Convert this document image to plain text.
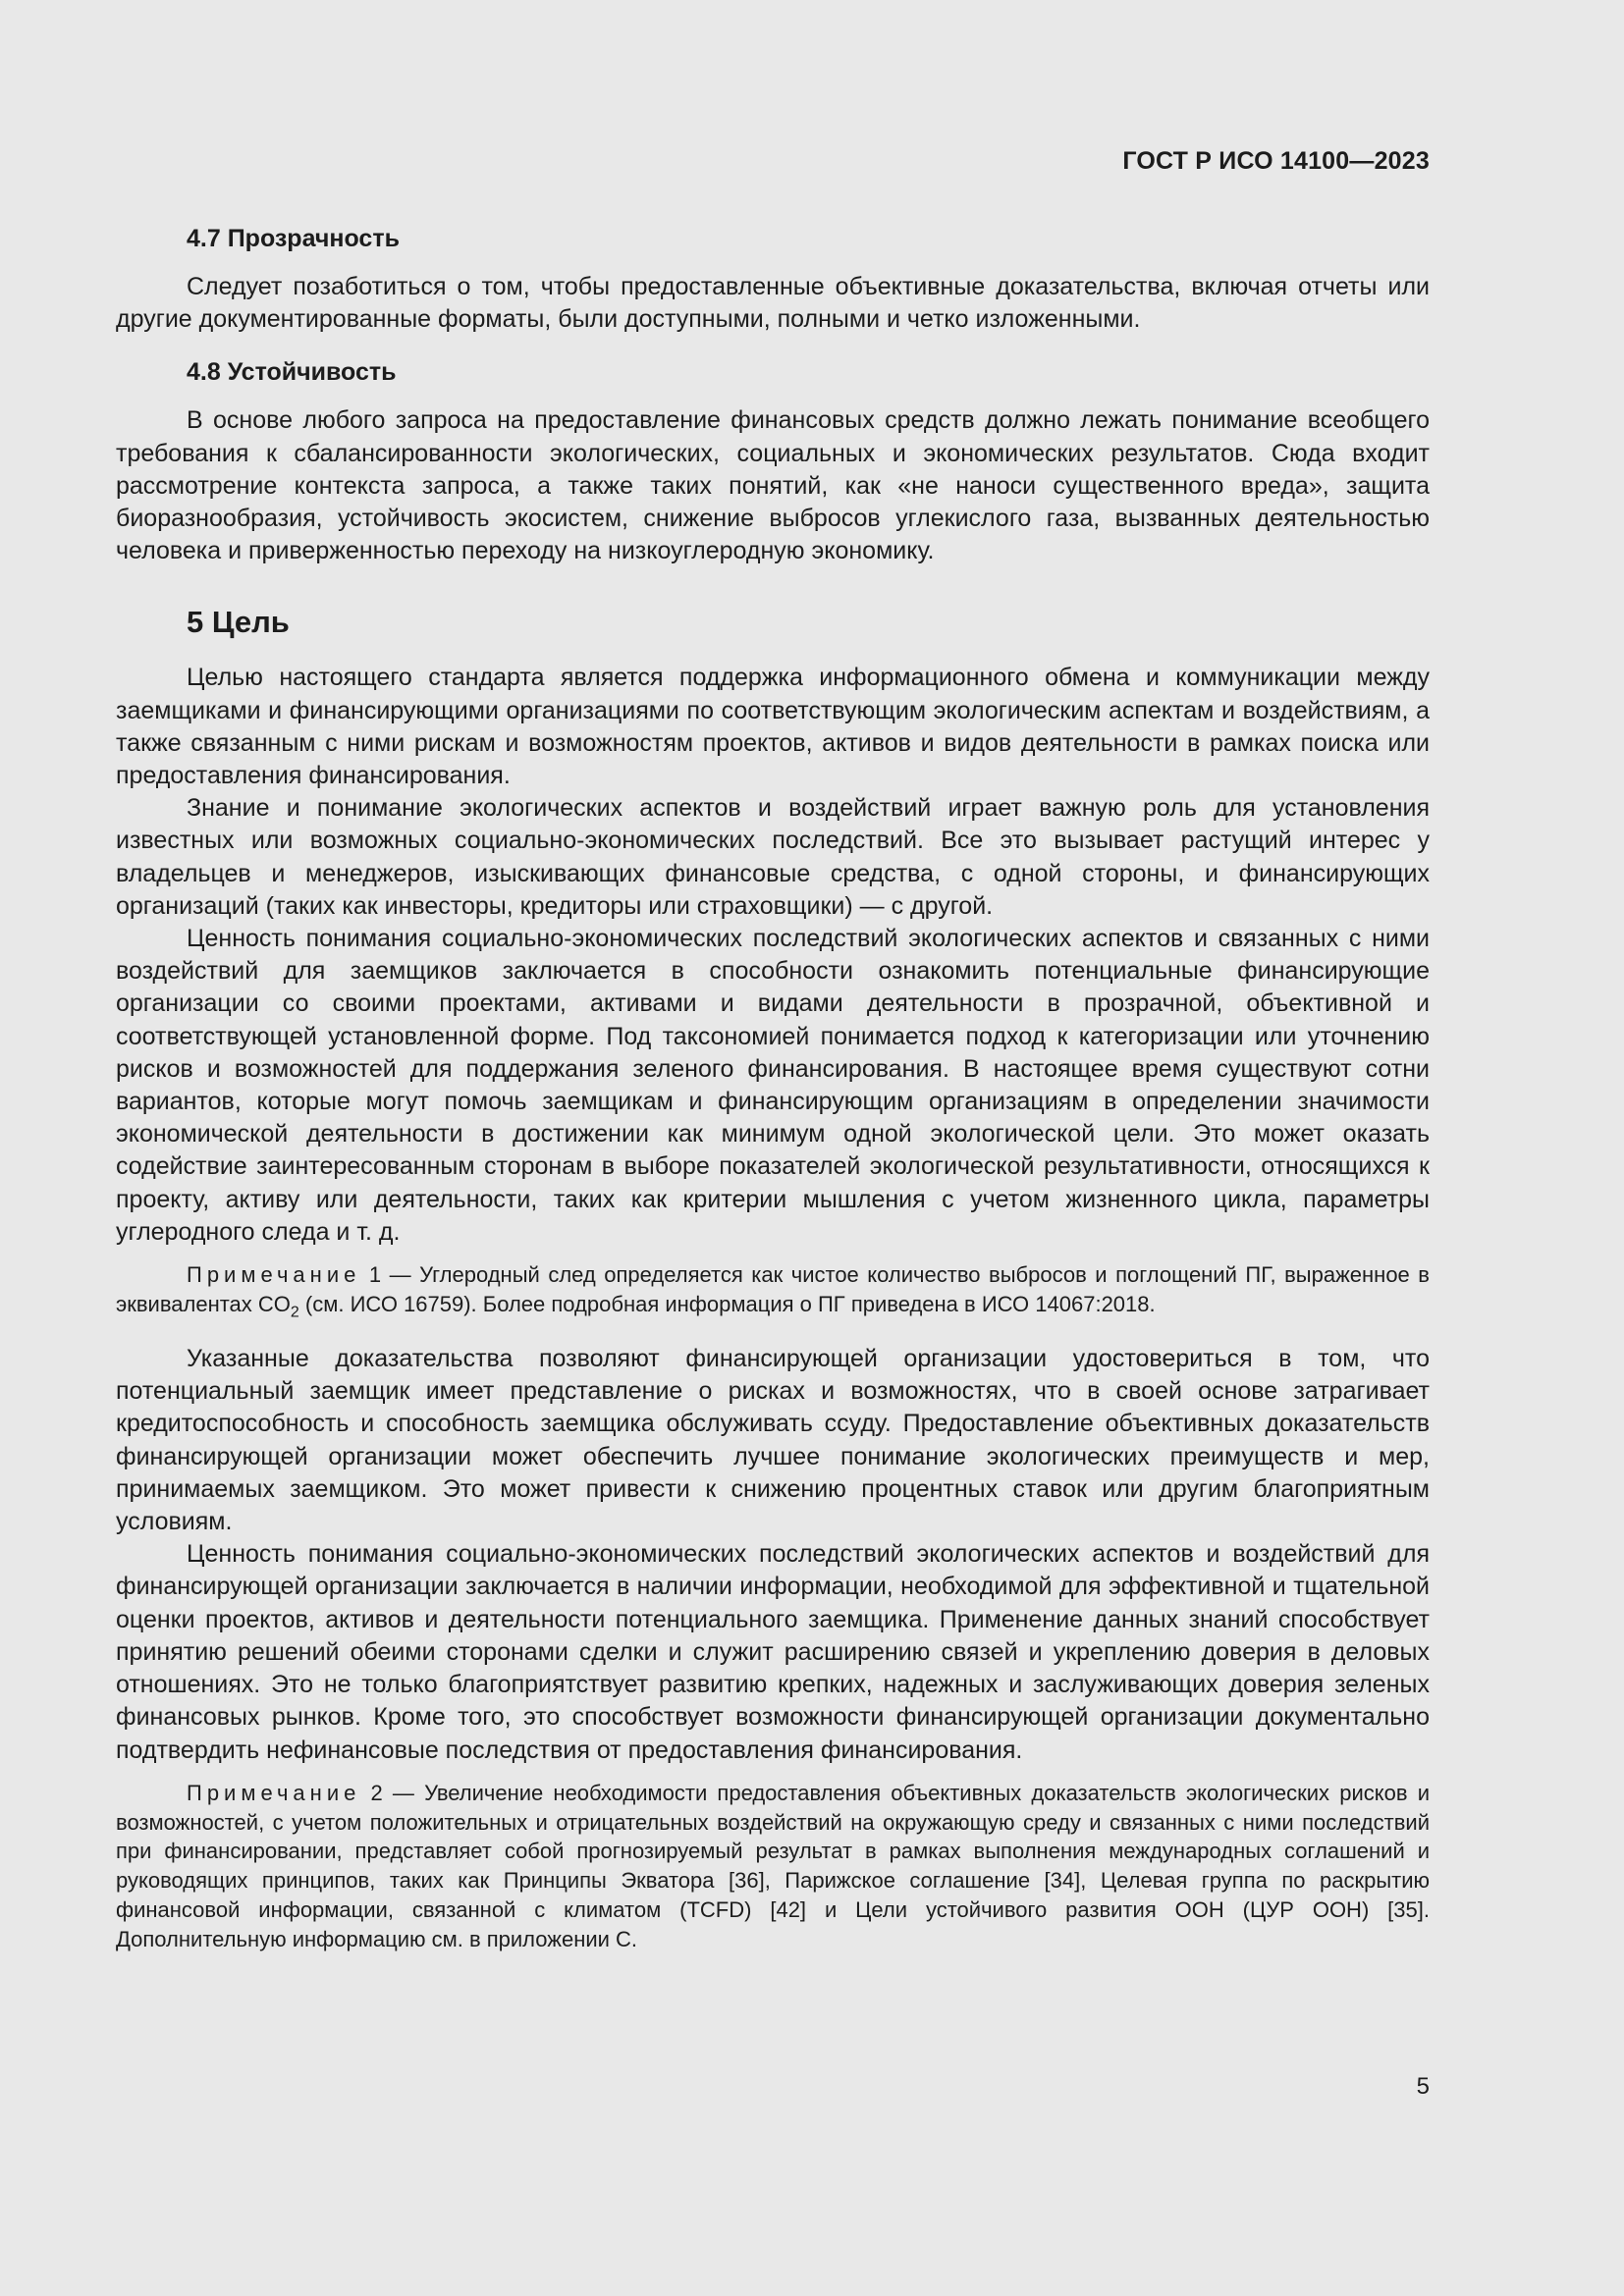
ГОСТ Р ИСО 14100—2023
4.7 Прозрачность

Следует позаботиться о том, чтобы предоставленные объективные доказательства, включая отчеты или другие документированные форматы, были доступными, полными и четко изложенными.

4.8 Устойчивость

В основе любого запроса на предоставление финансовых средств должно лежать понимание всеобщего требования к сбалансированности экологических, социальных и экономических результатов. Сюда входит рассмотрение контекста запроса, а также таких понятий, как «не наноси существенного вреда», защита биоразнообразия, устойчивость экосистем, снижение выбросов углекислого газа, вызванных деятельностью человека и приверженностью переходу на низкоуглеродную экономику.

5 Цель

Целью настоящего стандарта является поддержка информационного обмена и коммуникации между заемщиками и финансирующими организациями по соответствующим экологическим аспектам и воздействиям, а также связанным с ними рискам и возможностям проектов, активов и видов деятельности в рамках поиска или предоставления финансирования.

Знание и понимание экологических аспектов и воздействий играет важную роль для установления известных или возможных социально-экономических последствий. Все это вызывает растущий интерес у владельцев и менеджеров, изыскивающих финансовые средства, с одной стороны, и финансирующих организаций (таких как инвесторы, кредиторы или страховщики) — с другой.

Ценность понимания социально-экономических последствий экологических аспектов и связанных с ними воздействий для заемщиков заключается в способности ознакомить потенциальные финансирующие организации со своими проектами, активами и видами деятельности в прозрачной, объективной и соответствующей установленной форме. Под таксономией понимается подход к категоризации или уточнению рисков и возможностей для поддержания зеленого финансирования. В настоящее время существуют сотни вариантов, которые могут помочь заемщикам и финансирующим организациям в определении значимости экономической деятельности в достижении как минимум одной экологической цели. Это может оказать содействие заинтересованным сторонам в выборе показателей экологической результативности, относящихся к проекту, активу или деятельности, таких как критерии мышления с учетом жизненного цикла, параметры углеродного следа и т. д.

Примечание 1 — Углеродный след определяется как чистое количество выбросов и поглощений ПГ, выраженное в эквивалентах $CO_2$ (см. ИСО 16759). Более подробная информация о ПГ приведена в ИСО 14067:2018.

Указанные доказательства позволяют финансирующей организации удостовериться в том, что потенциальный заемщик имеет представление о рисках и возможностях, что в своей основе затрагивает кредитоспособность и способность заемщика обслуживать ссуду. Предоставление объективных доказательств финансирующей организации может обеспечить лучшее понимание экологических преимуществ и мер, принимаемых заемщиком. Это может привести к снижению процентных ставок или другим благоприятным условиям.

Ценность понимания социально-экономических последствий экологических аспектов и воздействий для финансирующей организации заключается в наличии информации, необходимой для эффективной и тщательной оценки проектов, активов и деятельности потенциального заемщика. Применение данных знаний способствует принятию решений обеими сторонами сделки и служит расширению связей и укреплению доверия в деловых отношениях. Это не только благоприятствует развитию крепких, надежных и заслуживающих доверия зеленых финансовых рынков. Кроме того, это способствует возможности финансирующей организации документально подтвердить нефинансовые последствия от предоставления финансирования.

Примечание 2 — Увеличение необходимости предоставления объективных доказательств экологических рисков и возможностей, с учетом положительных и отрицательных воздействий на окружающую среду и связанных с ними последствий при финансировании, представляет собой прогнозируемый результат в рамках выполнения международных соглашений и руководящих принципов, таких как Принципы Экватора [36], Парижское соглашение [34], Целевая группа по раскрытию финансовой информации, связанной с климатом (TCFD) [42] и Цели устойчивого развития ООН (ЦУР ООН) [35]. Дополнительную информацию см. в приложении С.

5
